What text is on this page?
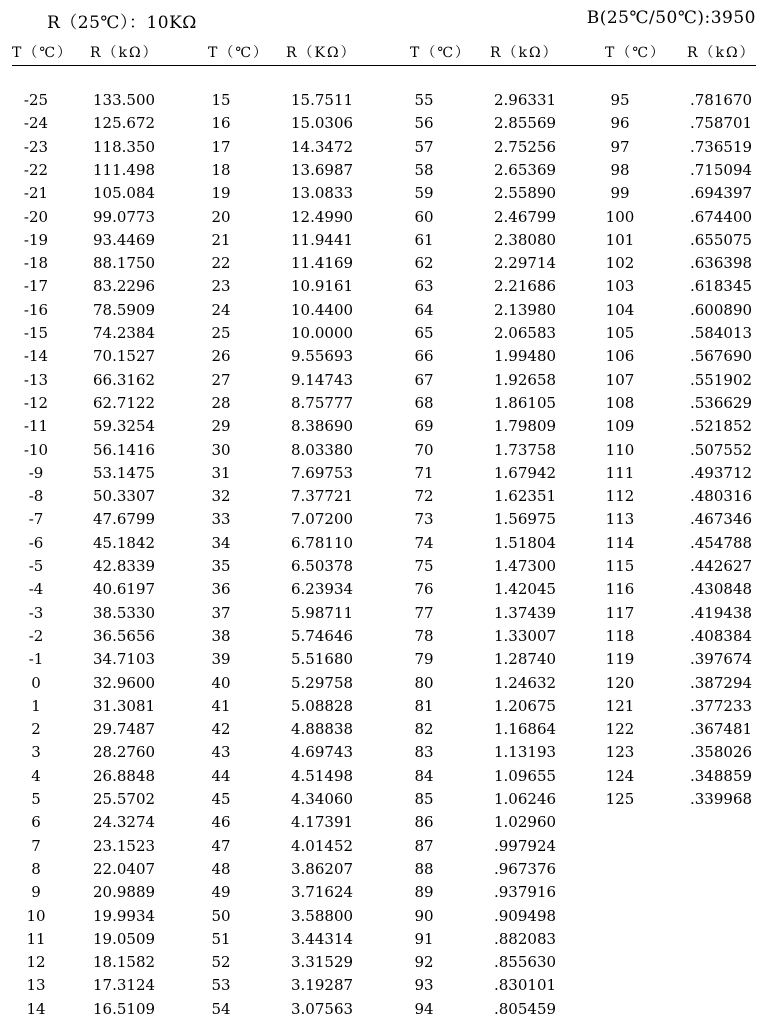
R（25℃）：10KΩ	B(25℃/50℃):3950
T（℃） R（kΩ）	T（℃） R（KΩ）	T（℃） R（kΩ）	T（℃） R（kΩ）
-25	133.500	15	15.7511	55	2.96331	95	.781670
-24	125.672	16	15.0306	56	2.85569	96	.758701
-23	118.350	17	14.3472	57	2.75256	97	.736519
-22	111.498	18	13.6987	58	2.65369	98	.715094
-21	105.084	19	13.0833	59	2.55890	99	.694397
-20	99.0773	20	12.4990	60	2.46799	100	.674400
-19	93.4469	21	11.9441	61	2.38080	101	.655075
-18	88.1750	22	11.4169	62	2.29714	102	.636398
-17	83.2296	23	10.9161	63	2.21686	103	.618345
-16	78.5909	24	10.4400	64	2.13980	104	.600890
-15	74.2384	25	10.0000	65	2.06583	105	.584013
-14	70.1527	26	9.55693	66	1.99480	106	.567690
-13	66.3162	27	9.14743	67	1.92658	107	.551902
-12	62.7122	28	8.75777	68	1.86105	108	.536629
-11	59.3254	29	8.38690	69	1.79809	109	.521852
-10	56.1416	30	8.03380	70	1.73758	110	.507552
-9	53.1475	31	7.69753	71	1.67942	111	.493712
-8	50.3307	32	7.37721	72	1.62351	112	.480316
-7	47.6799	33	7.07200	73	1.56975	113	.467346
-6	45.1842	34	6.78110	74	1.51804	114	.454788
-5	42.8339	35	6.50378	75	1.47300	115	.442627
-4	40.6197	36	6.23934	76	1.42045	116	.430848
-3	38.5330	37	5.98711	77	1.37439	117	.419438
-2	36.5656	38	5.74646	78	1.33007	118	.408384
-1	34.7103	39	5.51680	79	1.28740	119	.397674
0	32.9600	40	5.29758	80	1.24632	120	.387294
1	31.3081	41	5.08828	81	1.20675	121	.377233
2	29.7487	42	4.88838	82	1.16864	122	.367481
3	28.2760	43	4.69743	83	1.13193	123	.358026
4	26.8848	44	4.51498	84	1.09655	124	.348859
5	25.5702	45	4.34060	85	1.06246	125	.339968
6	24.3274	46	4.17391	86	1.02960
7	23.1523	47	4.01452	87	.997924
8	22.0407	48	3.86207	88	.967376
9	20.9889	49	3.71624	89	.937916
10	19.9934	50	3.58800	90	.909498
11	19.0509	51	3.44314	91	.882083
12	18.1582	52	3.31529	92	.855630
13	17.3124	53	3.19287	93	.830101
14	16.5109	54	3.07563	94	.805459
